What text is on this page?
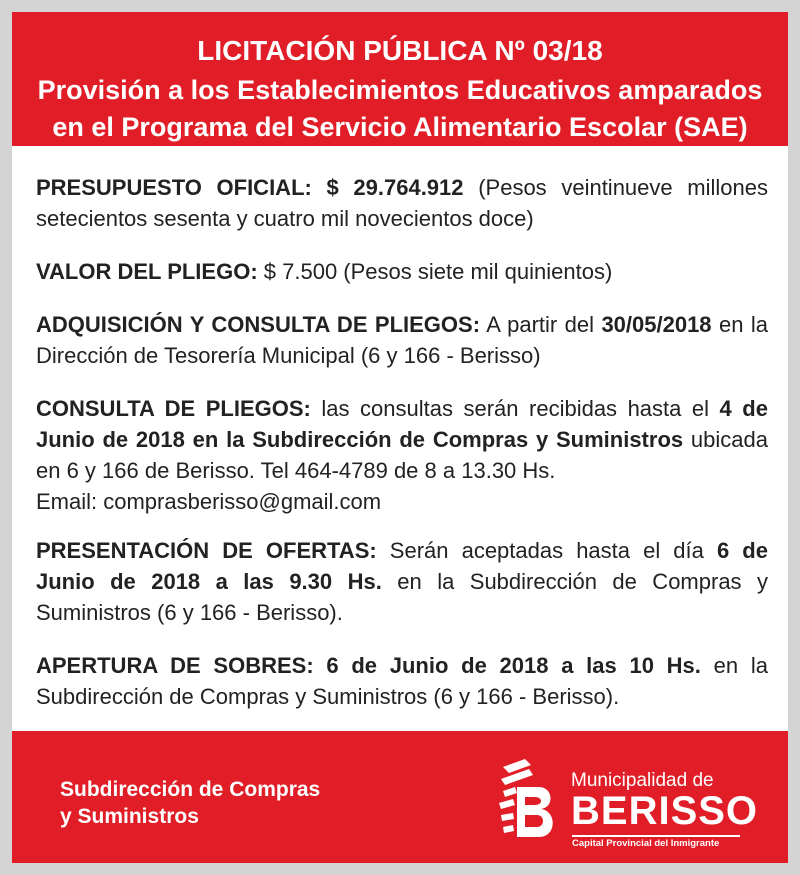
LICITACIÓN PÚBLICA Nº 03/18
Provisión a los Establecimientos Educativos amparados
en el Programa del Servicio Alimentario Escolar (SAE)

PRESUPUESTO OFICIAL: $ 29.764.912 (Pesos veintinueve millones setecientos sesenta y cuatro mil novecientos doce)

VALOR DEL PLIEGO: $ 7.500 (Pesos siete mil quinientos)

ADQUISICIÓN Y CONSULTA DE PLIEGOS: A partir del 30/05/2018 en la Dirección de Tesorería Municipal (6 y 166 - Berisso)

CONSULTA DE PLIEGOS: las consultas serán recibidas hasta el 4 de Junio de 2018 en la Subdirección de Compras y Suministros ubicada en 6 y 166 de Berisso. Tel 464-4789 de 8 a 13.30 Hs.
Email: comprasberisso@gmail.com

PRESENTACIÓN DE OFERTAS: Serán aceptadas hasta el día 6 de Junio de 2018 a las 9.30 Hs. en la Subdirección de Compras y Suministros (6 y 166 - Berisso).

APERTURA DE SOBRES: 6 de Junio de 2018 a las 10 Hs. en la Subdirección de Compras y Suministros (6 y 166 - Berisso).

Subdirección de Compras
y Suministros
Municipalidad de
BERISSO
Capital Provincial del Inmigrante
